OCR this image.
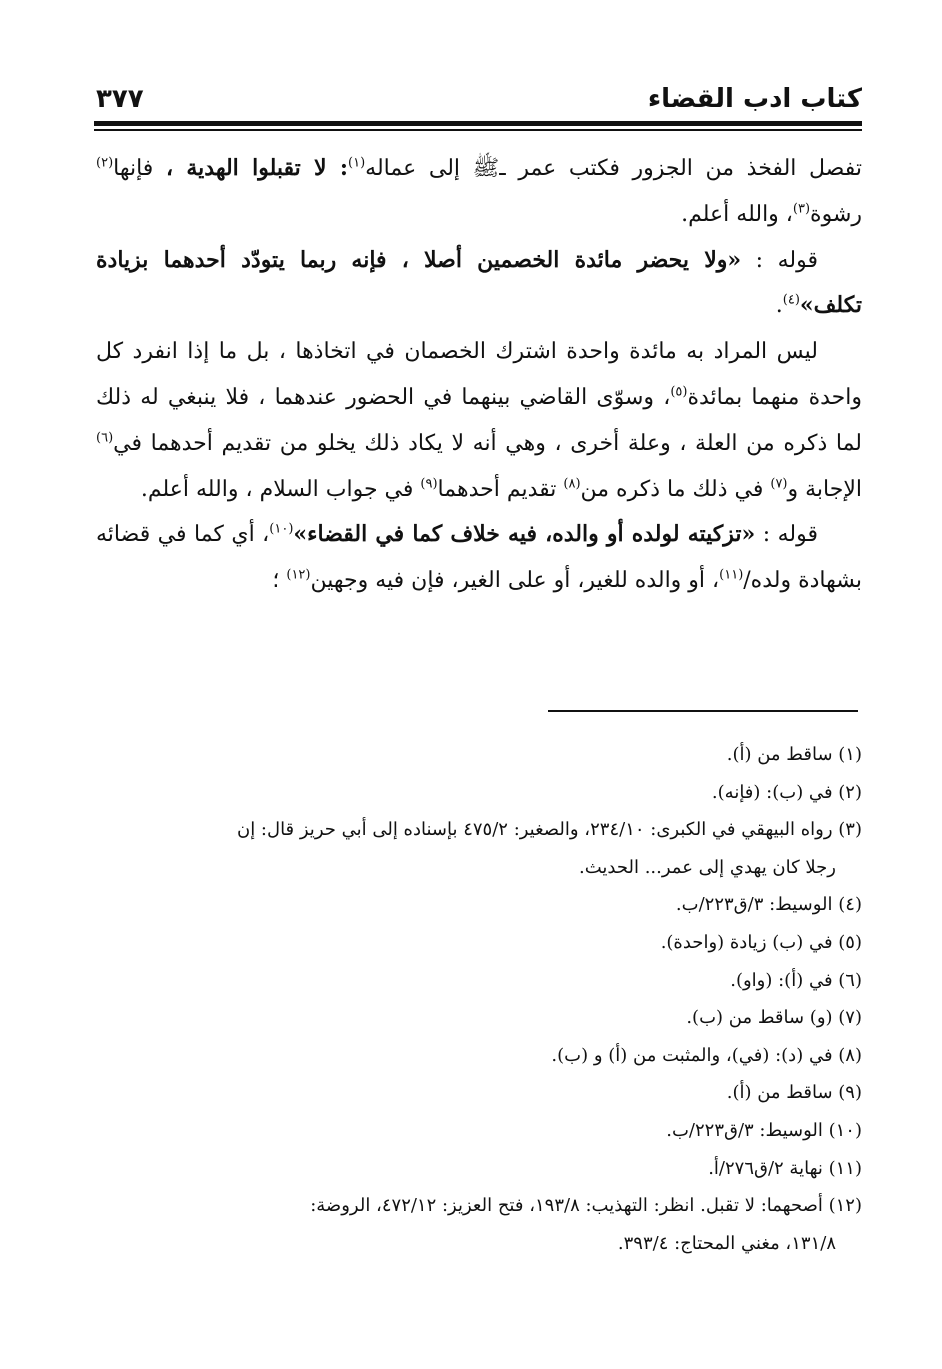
كتاب ادب القضاء
٣٧٧

تفصل الفخذ من الجزور فكتب عمر ـﷺ إلى عماله$^{(١)}$: لا تقبلوا الهدية ، فإنها$^{(٢)}$ رشوة$^{(٣)}$، والله أعلم.

قوله : «ولا يحضر مائدة الخصمين أصلا ، فإنه ربما يتودّد أحدهما بزيادة تكلف»$^{(٤)}$.

ليس المراد به مائدة واحدة اشترك الخصمان في اتخاذها ، بل ما إذا انفرد كل واحدة منهما بمائدة$^{(٥)}$، وسوّى القاضي بينهما في الحضور عندهما ، فلا ينبغي له ذلك لما ذكره من العلة ، وعلة أخرى ، وهي أنه لا يكاد ذلك يخلو من تقديم أحدهما في$^{(٦)}$ الإجابة و$^{(٧)}$ في ذلك ما ذكره من$^{(٨)}$ تقديم أحدهما$^{(٩)}$ في جواب السلام ، والله أعلم.

قوله : «تزكيته لولده أو والده، فيه خلاف كما في القضاء»$^{(١٠)}$، أي كما في قضائه بشهادة ولده/$^{(١١)}$، أو والده للغير، أو على الغير، فإن فيه وجهين$^{(١٢)}$ ؛

(١) ساقط من (أ).

(٢) في (ب): (فإنه).

(٣) رواه البيهقي في الكبرى: ٢٣٤/١٠، والصغير: ٤٧٥/٢ بإسناده إلى أبي حريز قال: إن

رجلا كان يهدي إلى عمر... الحديث.

(٤) الوسيط: ٣/ق٢٢٣/ب.

(٥) في (ب) زيادة (واحدة).

(٦) في (أ): (واو).

(٧) (و) ساقط من (ب).

(٨) في (د): (في)، والمثبت من (أ) و (ب).

(٩) ساقط من (أ).

(١٠) الوسيط: ٣/ق٢٢٣/ب.

(١١) نهاية ٢/ق٢٧٦/أ.

(١٢) أصحهما: لا تقبل. انظر: التهذيب: ١٩٣/٨، فتح العزيز: ٤٧٢/١٢، الروضة:

١٣١/٨، مغني المحتاج: ٣٩٣/٤.
